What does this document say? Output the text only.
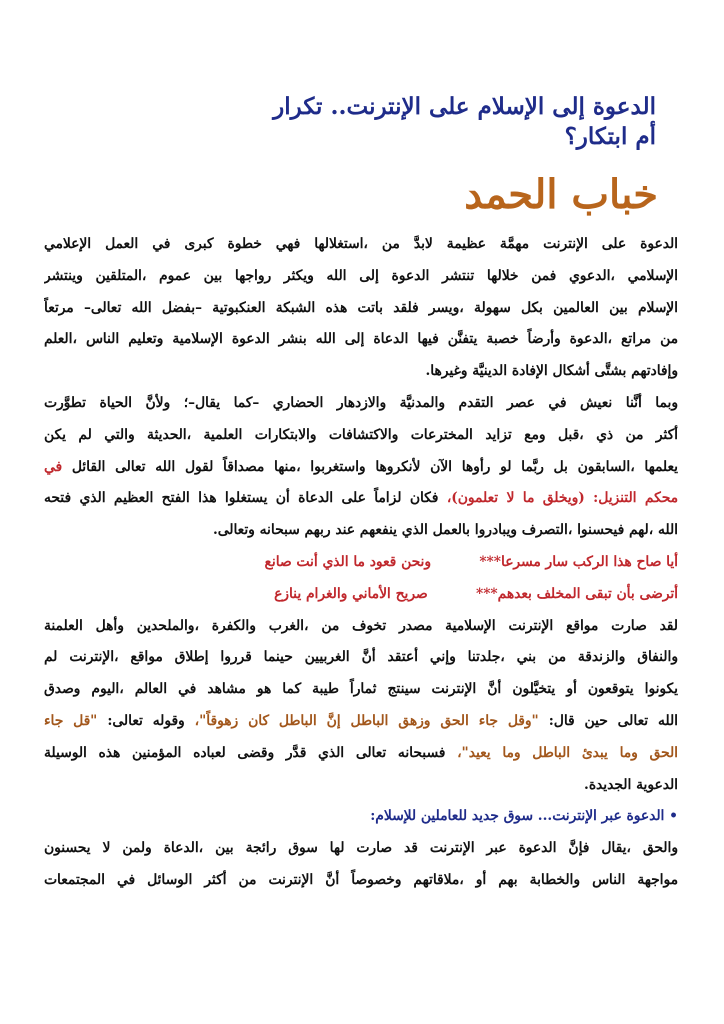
الدعوة إلى الإسلام على الإنترنت.. تكرار أم ابتكار؟
خباب الحمد
الدعوة على الإنترنت مهمَّة عظيمة لابدَّ من ،استغلالها فهي خطوة كبرى في العمل الإعلامي
الإسلامي ،الدعوي فمن خلالها تنتشر الدعوة إلى الله ويكثر رواجها بين عموم ،المتلقين وينتشر
الإسلام بين العالمين بكل سهولة ،ويسر فلقد باتت هذه الشبكة العنكبوتية –بفضل الله تعالى– مرتعاً
من مراتع ،الدعوة وأرضاً خصبة يتفنَّن فيها الدعاة إلى الله بنشر الدعوة الإسلامية وتعليم الناس ،العلم
وإفادتهم بشتَّى أشكال الإفادة الدينيَّة وغيرها.
وبما أنَّنا نعيش في عصر التقدم والمدنيَّة والازدهار الحضاري –كما يقال–؛ ولأنَّ الحياة تطوَّرت
أكثر من ذي ،قبل ومع تزايد المخترعات والاكتشافات والابتكارات العلمية ،الحديثة والتي لم يكن
يعلمها ،السابقون بل ربَّما لو رأوها الآن لأنكروها واستغربوا ،منها مصداقاً لقول الله تعالى القائل في
محكم التنزيل: (ويخلق ما لا تعلمون)، فكان لزاماً على الدعاة أن يستغلوا هذا الفتح العظيم الذي فتحه
الله ،لهم فيحسنوا ،التصرف ويبادروا بالعمل الذي ينفعهم عند ربهم سبحانه وتعالى.
أيا صاح هذا الركب سار مسرعا***ونحن قعود ما الذي أنت صانع
أترضى بأن تبقى المخلف بعدهم***صريح الأماني والغرام ينازع
لقد صارت مواقع الإنترنت الإسلامية مصدر تخوف من ،الغرب والكفرة ،والملحدين وأهل العلمنة
والنفاق والزندقة من بني ،جلدتنا وإني أعتقد أنَّ الغربيين حينما قرروا إطلاق مواقع ،الإنترنت لم
يكونوا يتوقعون أو يتخيَّلون أنَّ الإنترنت سينتج ثماراً طيبة كما هو مشاهد في العالم ،اليوم وصدق
الله تعالى حين قال: "وقل جاء الحق وزهق الباطل إنَّ الباطل كان زهوقاً"، وقوله تعالى: "قل جاء
الحق وما يبدئ الباطل وما يعيد"، فسبحانه تعالى الذي قدَّر وقضى لعباده المؤمنين هذه الوسيلة
الدعوية الجديدة.
• الدعوة عبر الإنترنت... سوق جديد للعاملين للإسلام:
والحق ،يقال فإنَّ الدعوة عبر الإنترنت قد صارت لها سوق رائجة بين ،الدعاة ولمن لا يحسنون
مواجهة الناس والخطابة بهم أو ،ملاقاتهم وخصوصاً أنَّ الإنترنت من أكثر الوسائل في المجتمعات
